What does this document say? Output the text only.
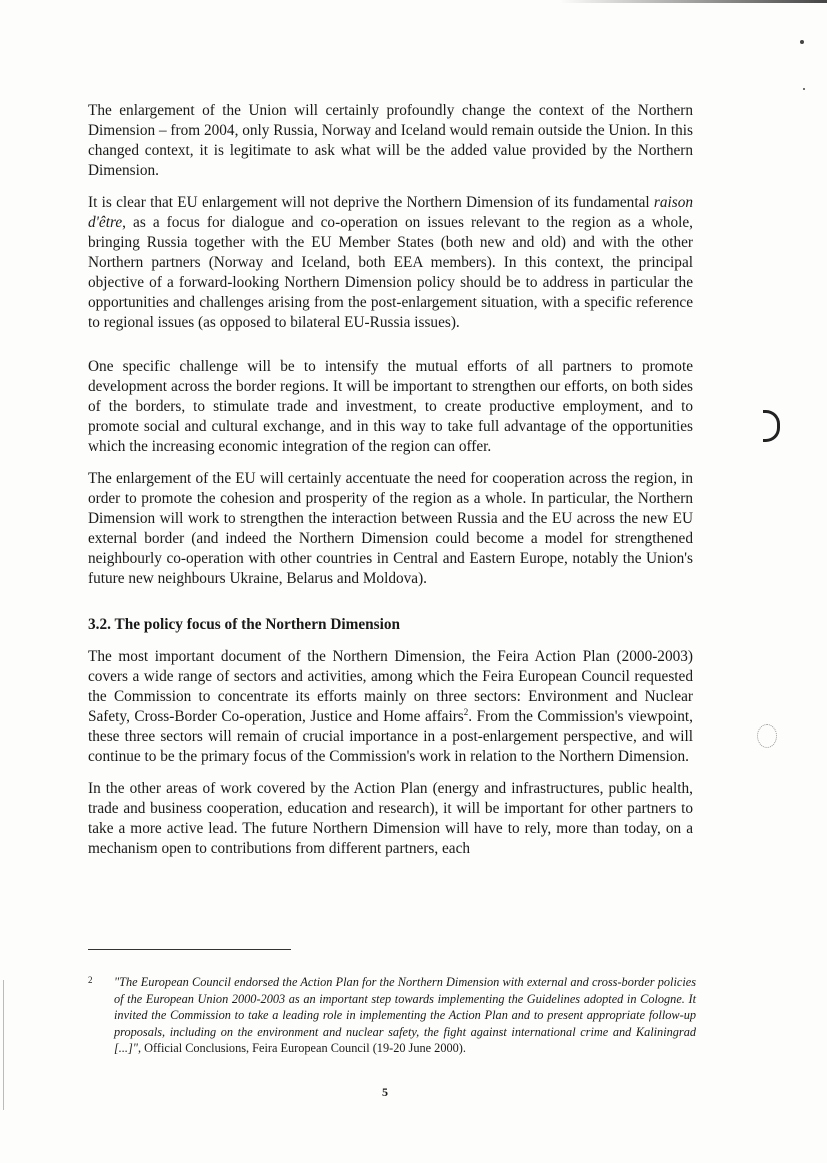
The enlargement of the Union will certainly profoundly change the context of the Northern Dimension – from 2004, only Russia, Norway and Iceland would remain outside the Union. In this changed context, it is legitimate to ask what will be the added value provided by the Northern Dimension.

It is clear that EU enlargement will not deprive the Northern Dimension of its fundamental raison d'être, as a focus for dialogue and co-operation on issues relevant to the region as a whole, bringing Russia together with the EU Member States (both new and old) and with the other Northern partners (Norway and Iceland, both EEA members). In this context, the principal objective of a forward-looking Northern Dimension policy should be to address in particular the opportunities and challenges arising from the post-enlargement situation, with a specific reference to regional issues (as opposed to bilateral EU-Russia issues).

One specific challenge will be to intensify the mutual efforts of all partners to promote development across the border regions. It will be important to strengthen our efforts, on both sides of the borders, to stimulate trade and investment, to create productive employment, and to promote social and cultural exchange, and in this way to take full advantage of the opportunities which the increasing economic integration of the region can offer.

The enlargement of the EU will certainly accentuate the need for cooperation across the region, in order to promote the cohesion and prosperity of the region as a whole. In particular, the Northern Dimension will work to strengthen the interaction between Russia and the EU across the new EU external border (and indeed the Northern Dimension could become a model for strengthened neighbourly co-operation with other countries in Central and Eastern Europe, notably the Union's future new neighbours Ukraine, Belarus and Moldova).

3.2. The policy focus of the Northern Dimension

The most important document of the Northern Dimension, the Feira Action Plan (2000-2003) covers a wide range of sectors and activities, among which the Feira European Council requested the Commission to concentrate its efforts mainly on three sectors: Environment and Nuclear Safety, Cross-Border Co-operation, Justice and Home affairs$^2$. From the Commission's viewpoint, these three sectors will remain of crucial importance in a post-enlargement perspective, and will continue to be the primary focus of the Commission's work in relation to the Northern Dimension.

In the other areas of work covered by the Action Plan (energy and infrastructures, public health, trade and business cooperation, education and research), it will be important for other partners to take a more active lead. The future Northern Dimension will have to rely, more than today, on a mechanism open to contributions from different partners, each

2 "The European Council endorsed the Action Plan for the Northern Dimension with external and cross-border policies of the European Union 2000-2003 as an important step towards implementing the Guidelines adopted in Cologne. It invited the Commission to take a leading role in implementing the Action Plan and to present appropriate follow-up proposals, including on the environment and nuclear safety, the fight against international crime and Kaliningrad [...]", Official Conclusions, Feira European Council (19-20 June 2000).
5
